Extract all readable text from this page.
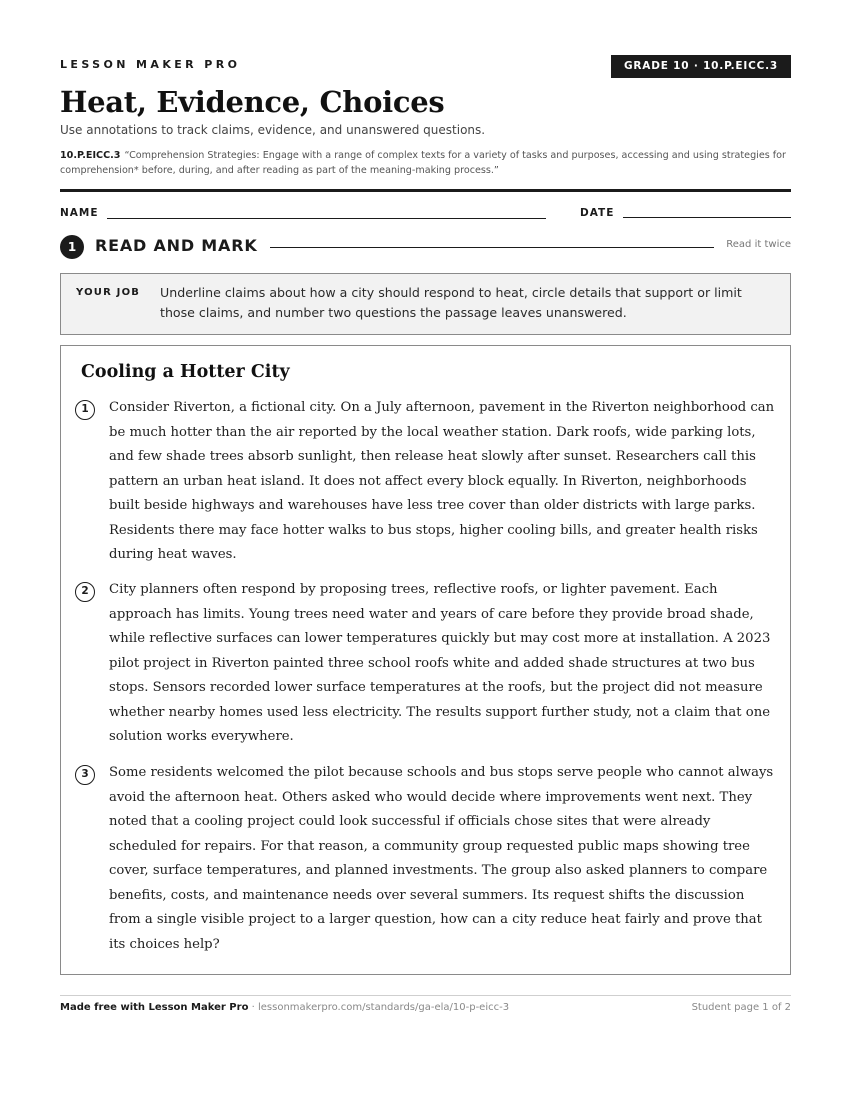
LESSON MAKER PRO	GRADE 10 · 10.P.EICC.3
Heat, Evidence, Choices
Use annotations to track claims, evidence, and unanswered questions.
10.P.EICC.3 “Comprehension Strategies: Engage with a range of complex texts for a variety of tasks and purposes, accessing and using strategies for comprehension* before, during, and after reading as part of the meaning-making process.”
NAME	DATE
1	READ AND MARK	Read it twice
YOUR JOB Underline claims about how a city should respond to heat, circle details that support or limit those claims, and number two questions the passage leaves unanswered.
Cooling a Hotter City
1	Consider Riverton, a fictional city. On a July afternoon, pavement in the Riverton neighborhood can be much hotter than the air reported by the local weather station. Dark roofs, wide parking lots, and few shade trees absorb sunlight, then release heat slowly after sunset. Researchers call this pattern an urban heat island. It does not affect every block equally. In Riverton, neighborhoods built beside highways and warehouses have less tree cover than older districts with large parks. Residents there may face hotter walks to bus stops, higher cooling bills, and greater health risks during heat waves.
2	City planners often respond by proposing trees, reflective roofs, or lighter pavement. Each approach has limits. Young trees need water and years of care before they provide broad shade, while reflective surfaces can lower temperatures quickly but may cost more at installation. A 2023 pilot project in Riverton painted three school roofs white and added shade structures at two bus stops. Sensors recorded lower surface temperatures at the roofs, but the project did not measure whether nearby homes used less electricity. The results support further study, not a claim that one solution works everywhere.
3	Some residents welcomed the pilot because schools and bus stops serve people who cannot always avoid the afternoon heat. Others asked who would decide where improvements went next. They noted that a cooling project could look successful if officials chose sites that were already scheduled for repairs. For that reason, a community group requested public maps showing tree cover, surface temperatures, and planned investments. The group also asked planners to compare benefits, costs, and maintenance needs over several summers. Its request shifts the discussion from a single visible project to a larger question, how can a city reduce heat fairly and prove that its choices help?
Made free with Lesson Maker Pro · lessonmakerpro.com/standards/ga-ela/10-p-eicc-3	Student page 1 of 2
